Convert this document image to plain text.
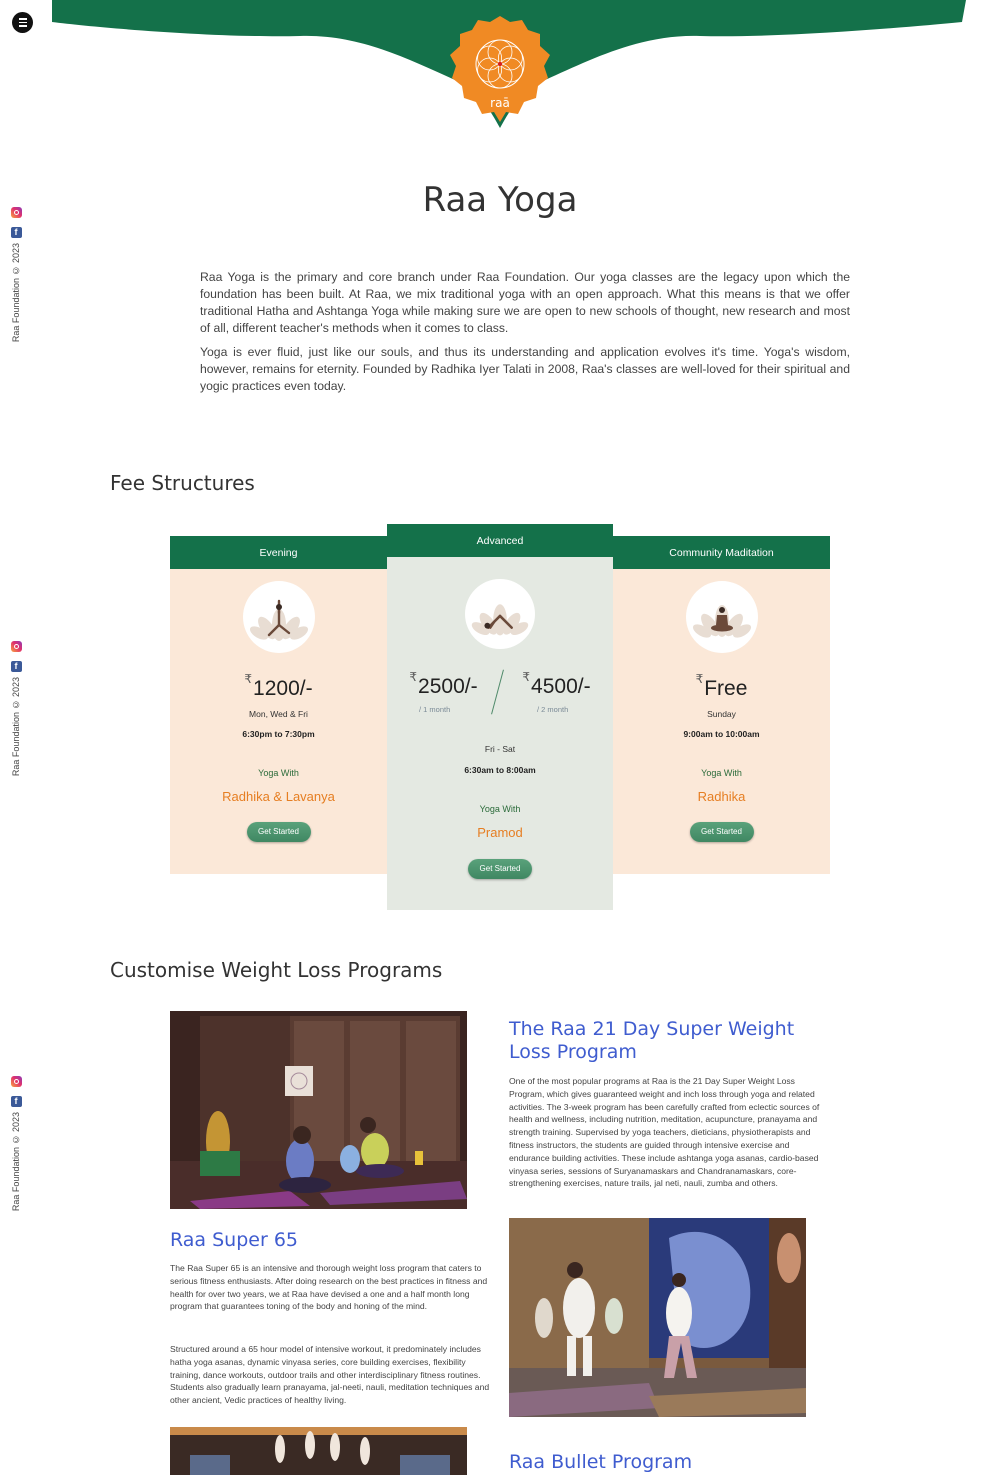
raā
f
Raa Foundation © 2023
f
Raa Foundation © 2023
f
Raa Foundation © 2023
Raa Yoga

Raa Yoga is the primary and core branch under Raa Foundation. Our yoga classes are the legacy upon which the foundation has been built. At Raa, we mix traditional yoga with an open approach. What this means is that we offer traditional Hatha and Ashtanga Yoga while making sure we are open to new schools of thought, new research and most of all, different teacher's methods when it comes to class.

Yoga is ever fluid, just like our souls, and thus its understanding and application evolves it's time. Yoga's wisdom, however, remains for eternity. Founded by Radhika Iyer Talati in 2008, Raa's classes are well-loved for their spiritual and yogic practices even today.

Fee Structures
Evening
₹1200/-
Mon, Wed & Fri
6:30pm to 7:30pm
Yoga With
Radhika & Lavanya
Get Started
Community Maditation
₹Free
Sunday
9:00am to 10:00am
Yoga With
Radhika
Get Started
Advanced
₹2500/-
/ 1 month
₹4500/-
/ 2 month
Fri - Sat
6:30am to 8:00am
Yoga With
Pramod
Get Started
Customise Weight Loss Programs
The Raa 21 Day Super Weight Loss Program
One of the most popular programs at Raa is the 21 Day Super Weight Loss Program, which gives guaranteed weight and inch loss through yoga and related activities. The 3-week program has been carefully crafted from eclectic sources of health and wellness, including nutrition, meditation, acupuncture, pranayama and strength training. Supervised by yoga teachers, dieticians, physiotherapists and fitness instructors, the students are guided through intensive exercise and endurance building activities. These include ashtanga yoga asanas, cardio-based vinyasa series, sessions of Suryanamaskars and Chandranamaskars, core-strengthening exercises, nature trails, jal neti, nauli, zumba and others.
Raa Super 65
The Raa Super 65 is an intensive and thorough weight loss program that caters to serious fitness enthusiasts. After doing research on the best practices in fitness and health for over two years, we at Raa have devised a one and a half month long program that guarantees toning of the body and honing of the mind.
Structured around a 65 hour model of intensive workout, it predominately includes hatha yoga asanas, dynamic vinyasa series, core building exercises, flexibility training, dance workouts, outdoor trails and other interdisciplinary fitness routines. Students also gradually learn pranayama, jal-neeti, nauli, meditation techniques and other ancient, Vedic practices of healthy living.
Raa Bullet Program
